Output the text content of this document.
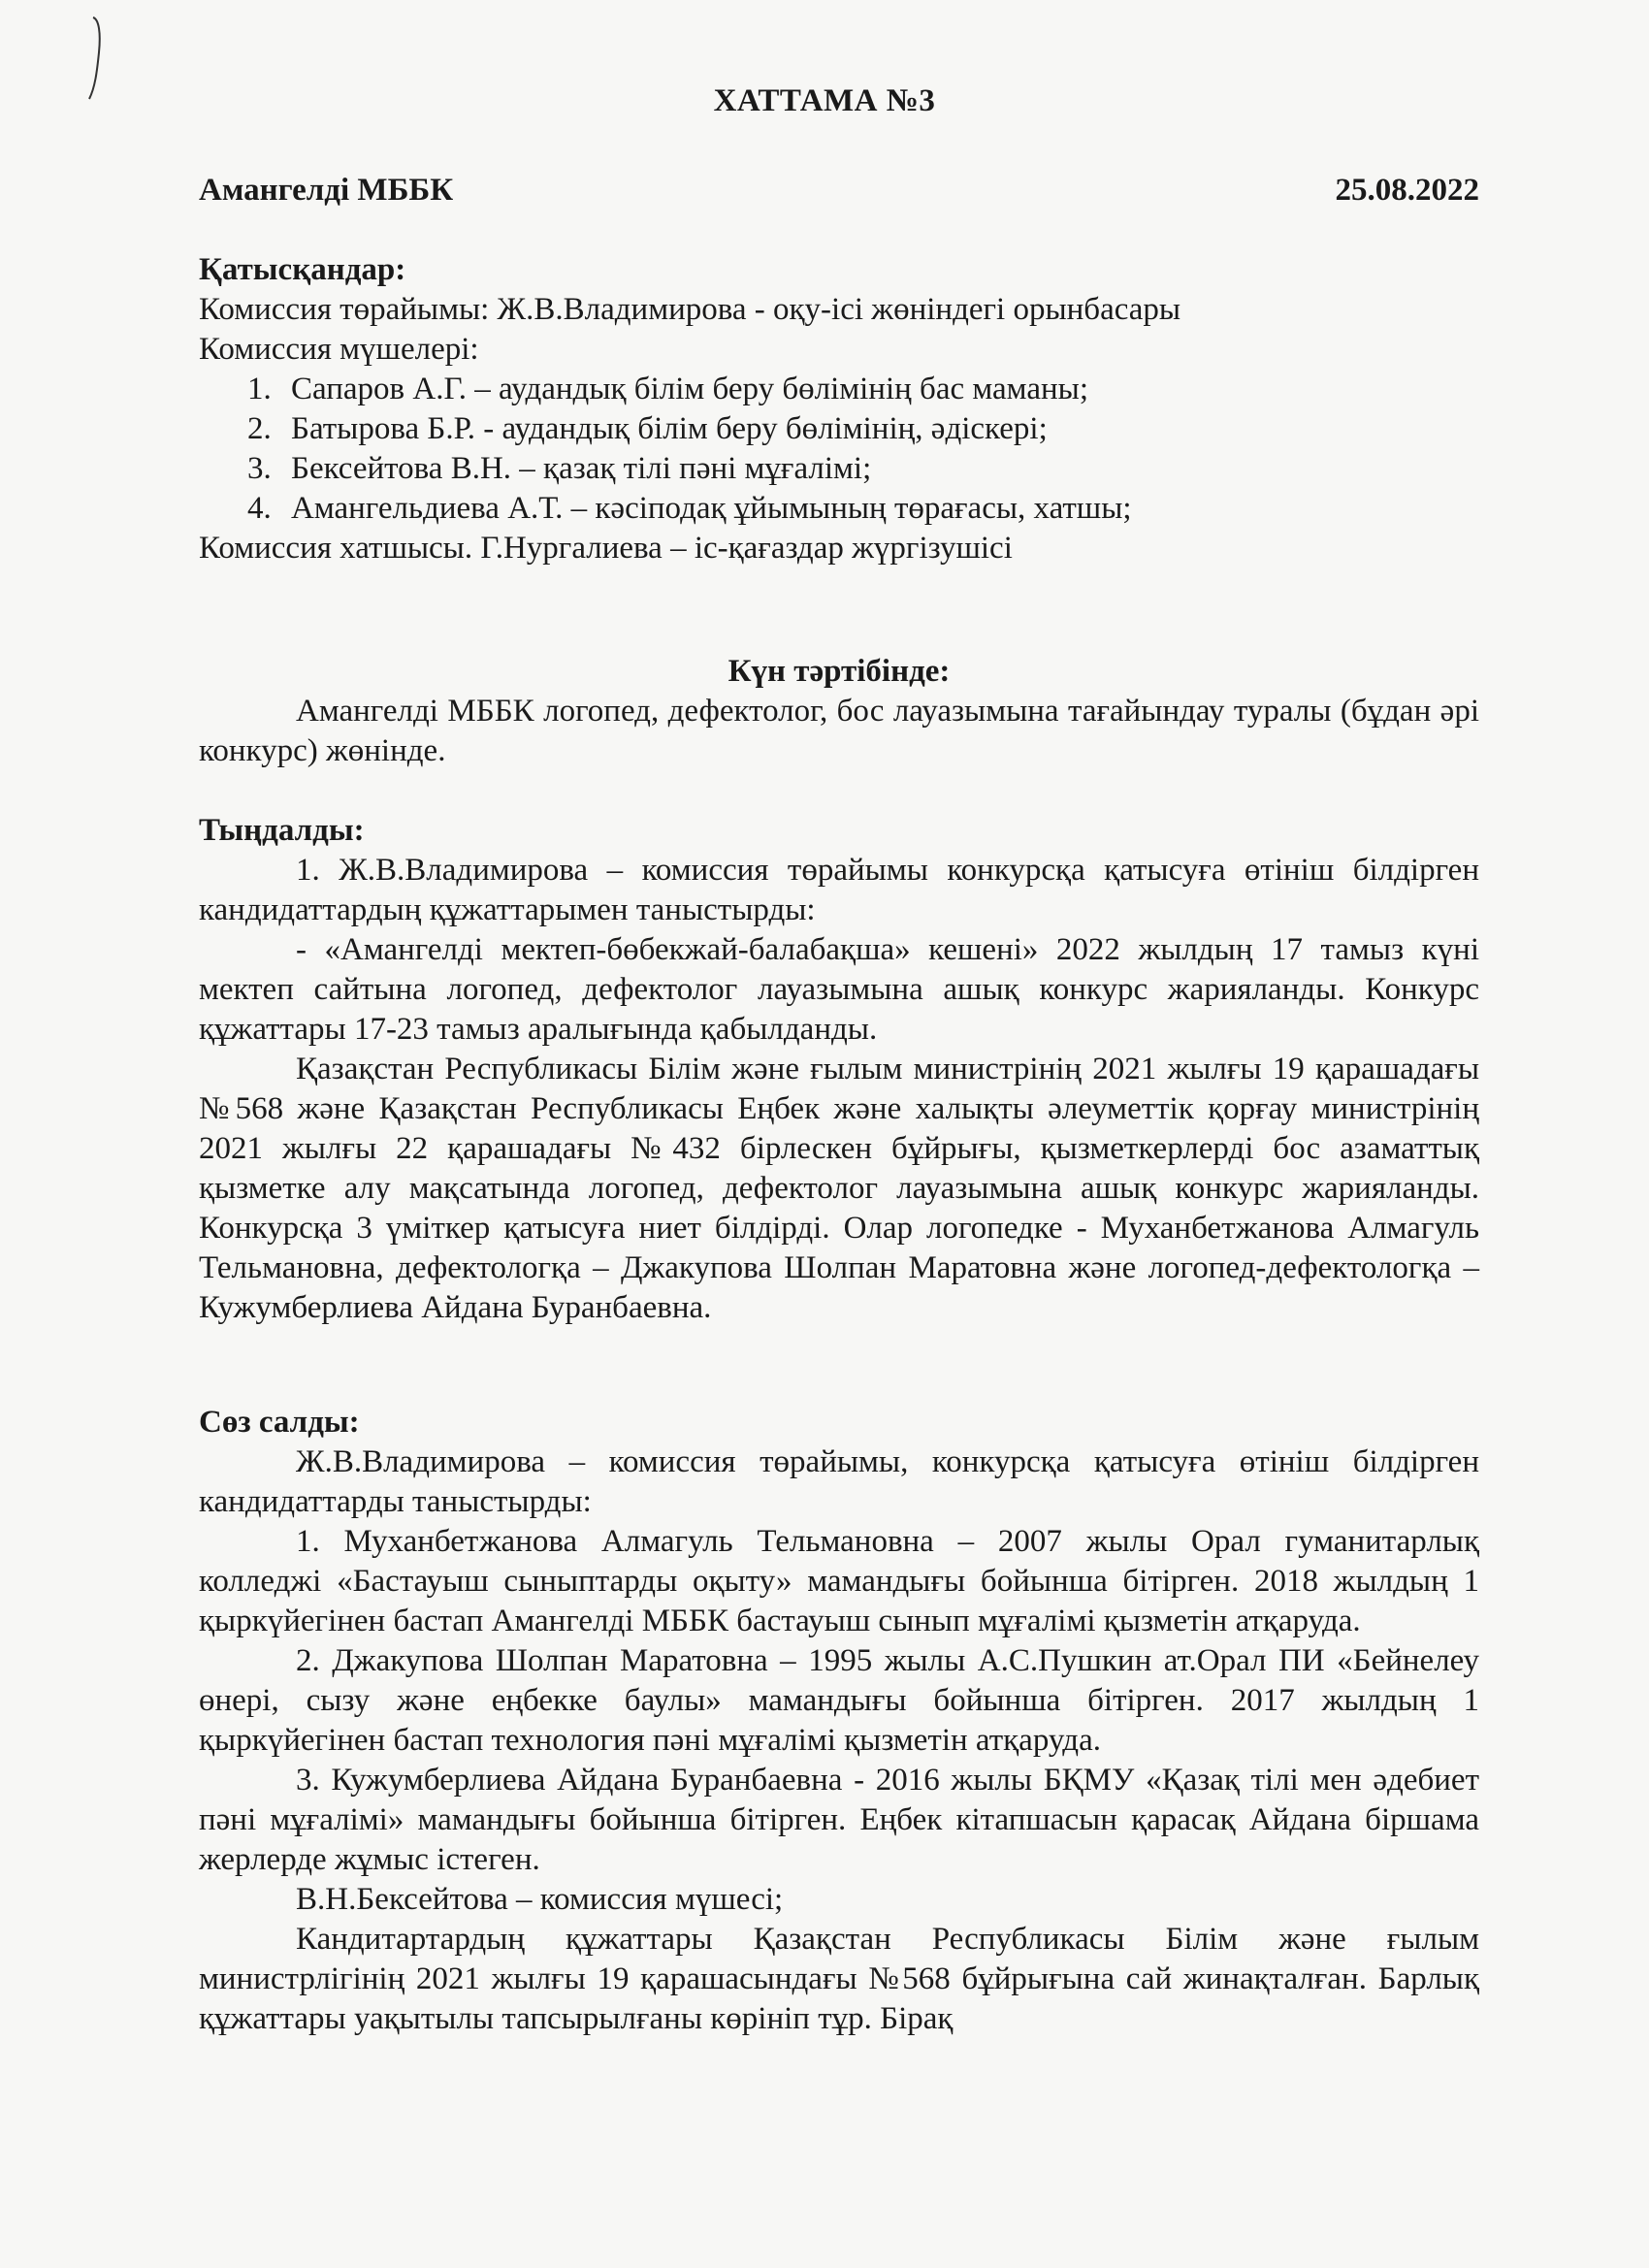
ХАТТАМА №3
Амангелді МББК	25.08.2022

Қатысқандар:

Комиссия төрайымы: Ж.В.Владимирова - оқу-ісі жөніндегі орынбасары

Комиссия мүшелері:

1. Сапаров А.Г. – аудандық білім беру бөлімінің бас маманы;
2. Батырова Б.Р. - аудандық білім беру бөлімінің, әдіскері;
3. Бексейтова В.Н. – қазақ тілі пәні мұғалімі;
4. Амангельдиева А.Т. – кәсіподақ ұйымының төрағасы, хатшы;

Комиссия хатшысы. Г.Нургалиева – іс-қағаздар жүргізушісі

Күн тәртібінде:

Амангелді МББК логопед, дефектолог, бос лауазымына тағайындау туралы (бұдан әрі конкурс) жөнінде.

Тыңдалды:

1. Ж.В.Владимирова – комиссия төрайымы конкурсқа қатысуға өтініш білдірген кандидаттардың құжаттарымен таныстырды:

- «Амангелді мектеп-бөбекжай-балабақша» кешені» 2022 жылдың 17 тамыз күні мектеп сайтына логопед, дефектолог лауазымына ашық конкурс жарияланды. Конкурс құжаттары 17-23 тамыз аралығында қабылданды.

Қазақстан Республикасы Білім және ғылым министрінің 2021 жылғы 19 қарашадағы №568 және Қазақстан Республикасы Еңбек және халықты әлеуметтік қорғау министрінің 2021 жылғы 22 қарашадағы №432 бірлескен бұйрығы, қызметкерлерді бос азаматтық қызметке алу мақсатында логопед, дефектолог лауазымына ашық конкурс жарияланды. Конкурсқа 3 үміткер қатысуға ниет білдірді. Олар логопедке - Муханбетжанова Алмагуль Тельмановна, дефектологқа – Джакупова Шолпан Маратовна және логопед-дефектологқа – Кужумберлиева Айдана Буранбаевна.

Сөз салды:

Ж.В.Владимирова – комиссия төрайымы, конкурсқа қатысуға өтініш білдірген кандидаттарды таныстырды:

1. Муханбетжанова Алмагуль Тельмановна – 2007 жылы Орал гуманитарлық колледжі «Бастауыш сыныптарды оқыту» мамандығы бойынша бітірген. 2018 жылдың 1 қыркүйегінен бастап Амангелді МББК бастауыш сынып мұғалімі қызметін атқаруда.

2. Джакупова Шолпан Маратовна – 1995 жылы А.С.Пушкин ат.Орал ПИ «Бейнелеу өнері, сызу және еңбекке баулы» мамандығы бойынша бітірген. 2017 жылдың 1 қыркүйегінен бастап технология пәні мұғалімі қызметін атқаруда.

3. Кужумберлиева Айдана Буранбаевна - 2016 жылы БҚМУ «Қазақ тілі мен әдебиет пәні мұғалімі» мамандығы бойынша бітірген. Еңбек кітапшасын қарасақ Айдана біршама жерлерде жұмыс істеген.

В.Н.Бексейтова – комиссия мүшесі;

Кандитартардың құжаттары Қазақстан Республикасы Білім және ғылым министрлігінің 2021 жылғы 19 қарашасындағы №568 бұйрығына сай жинақталған. Барлық құжаттары уақытылы тапсырылғаны көрініп тұр. Бірақ
